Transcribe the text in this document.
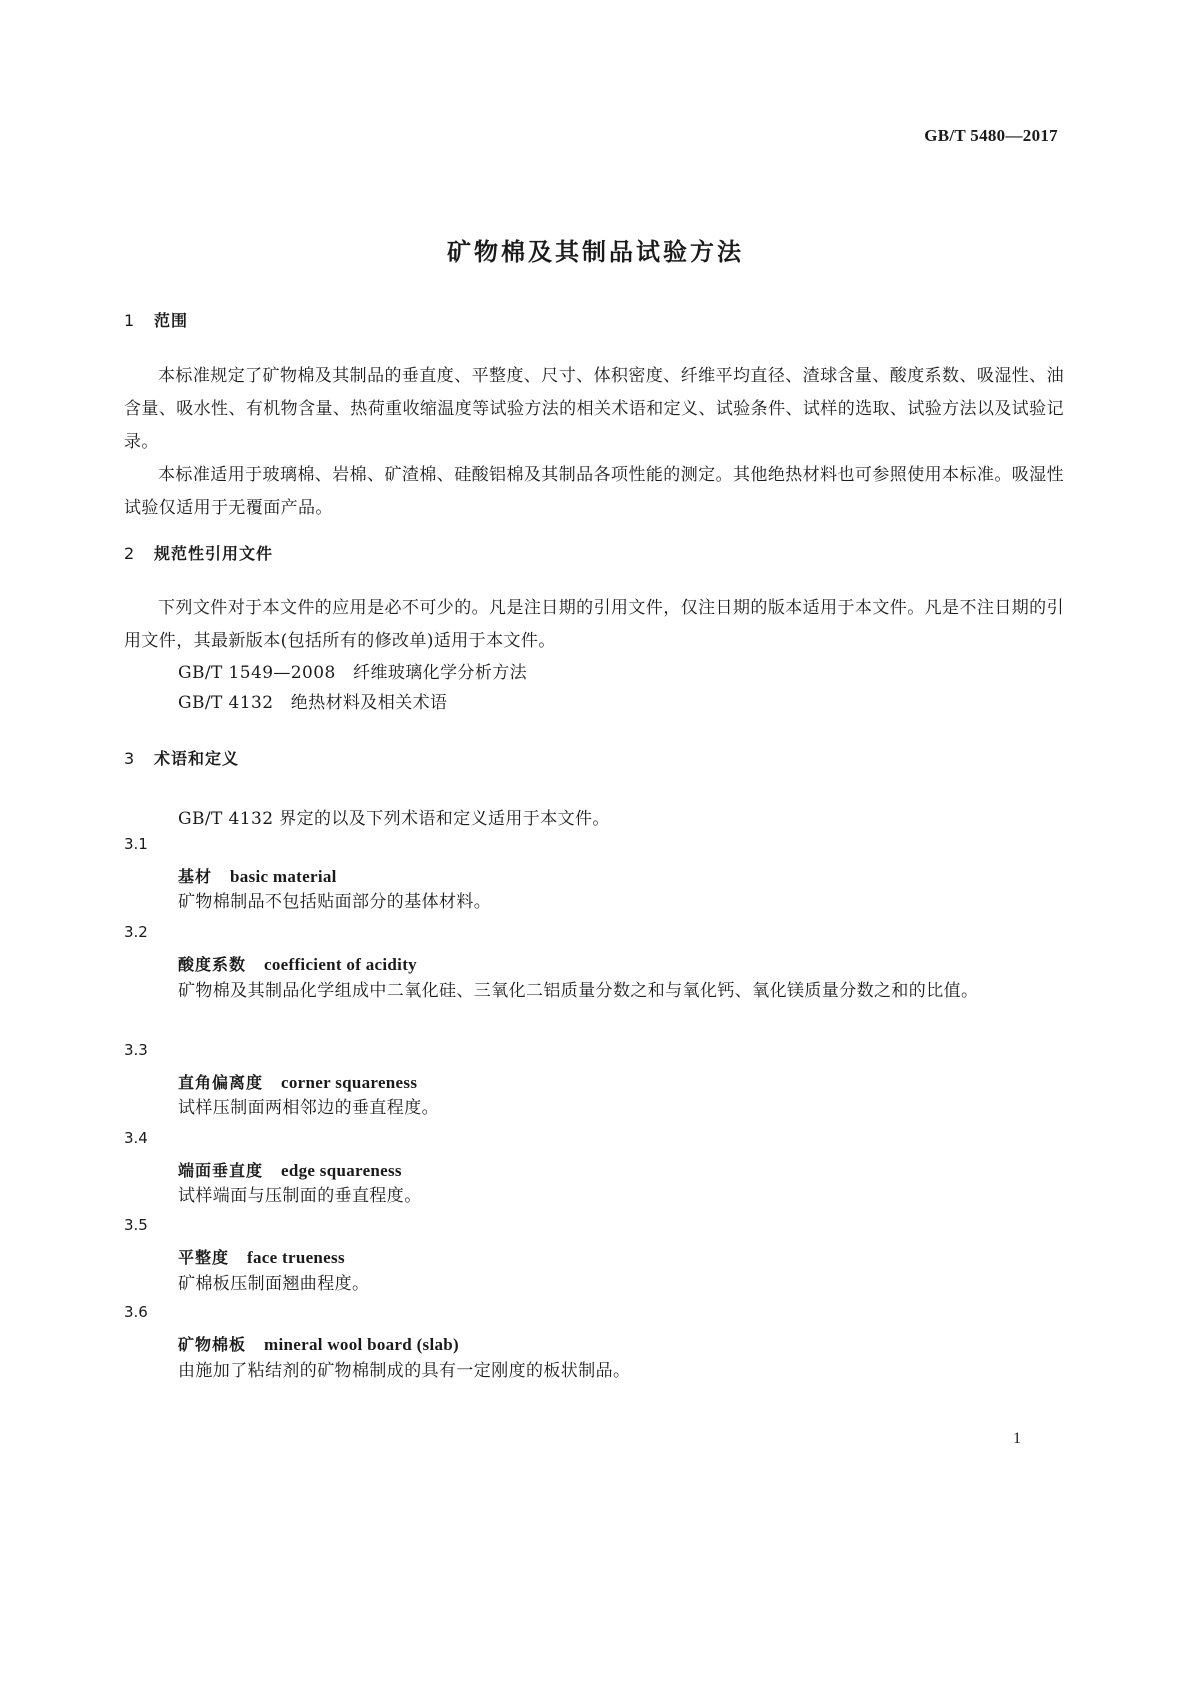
GB/T 5480—2017
矿物棉及其制品试验方法
1 范围
本标准规定了矿物棉及其制品的垂直度、平整度、尺寸、体积密度、纤维平均直径、渣球含量、酸度系数、吸湿性、油含量、吸水性、有机物含量、热荷重收缩温度等试验方法的相关术语和定义、试验条件、试样的选取、试验方法以及试验记录。
本标准适用于玻璃棉、岩棉、矿渣棉、硅酸铝棉及其制品各项性能的测定。其他绝热材料也可参照使用本标准。吸湿性试验仅适用于无覆面产品。
2 规范性引用文件
下列文件对于本文件的应用是必不可少的。凡是注日期的引用文件，仅注日期的版本适用于本文件。凡是不注日期的引用文件，其最新版本(包括所有的修改单)适用于本文件。
GB/T 1549—2008　纤维玻璃化学分析方法
GB/T 4132　绝热材料及相关术语
3 术语和定义
GB/T 4132 界定的以及下列术语和定义适用于本文件。
3.1
基材 basic material
矿物棉制品不包括贴面部分的基体材料。
3.2
酸度系数 coefficient of acidity
矿物棉及其制品化学组成中二氧化硅、三氧化二铝质量分数之和与氧化钙、氧化镁质量分数之和的比值。
3.3
直角偏离度 corner squareness
试样压制面两相邻边的垂直程度。
3.4
端面垂直度 edge squareness
试样端面与压制面的垂直程度。
3.5
平整度 face trueness
矿棉板压制面翘曲程度。
3.6
矿物棉板 mineral wool board (slab)
由施加了粘结剂的矿物棉制成的具有一定刚度的板状制品。
1
